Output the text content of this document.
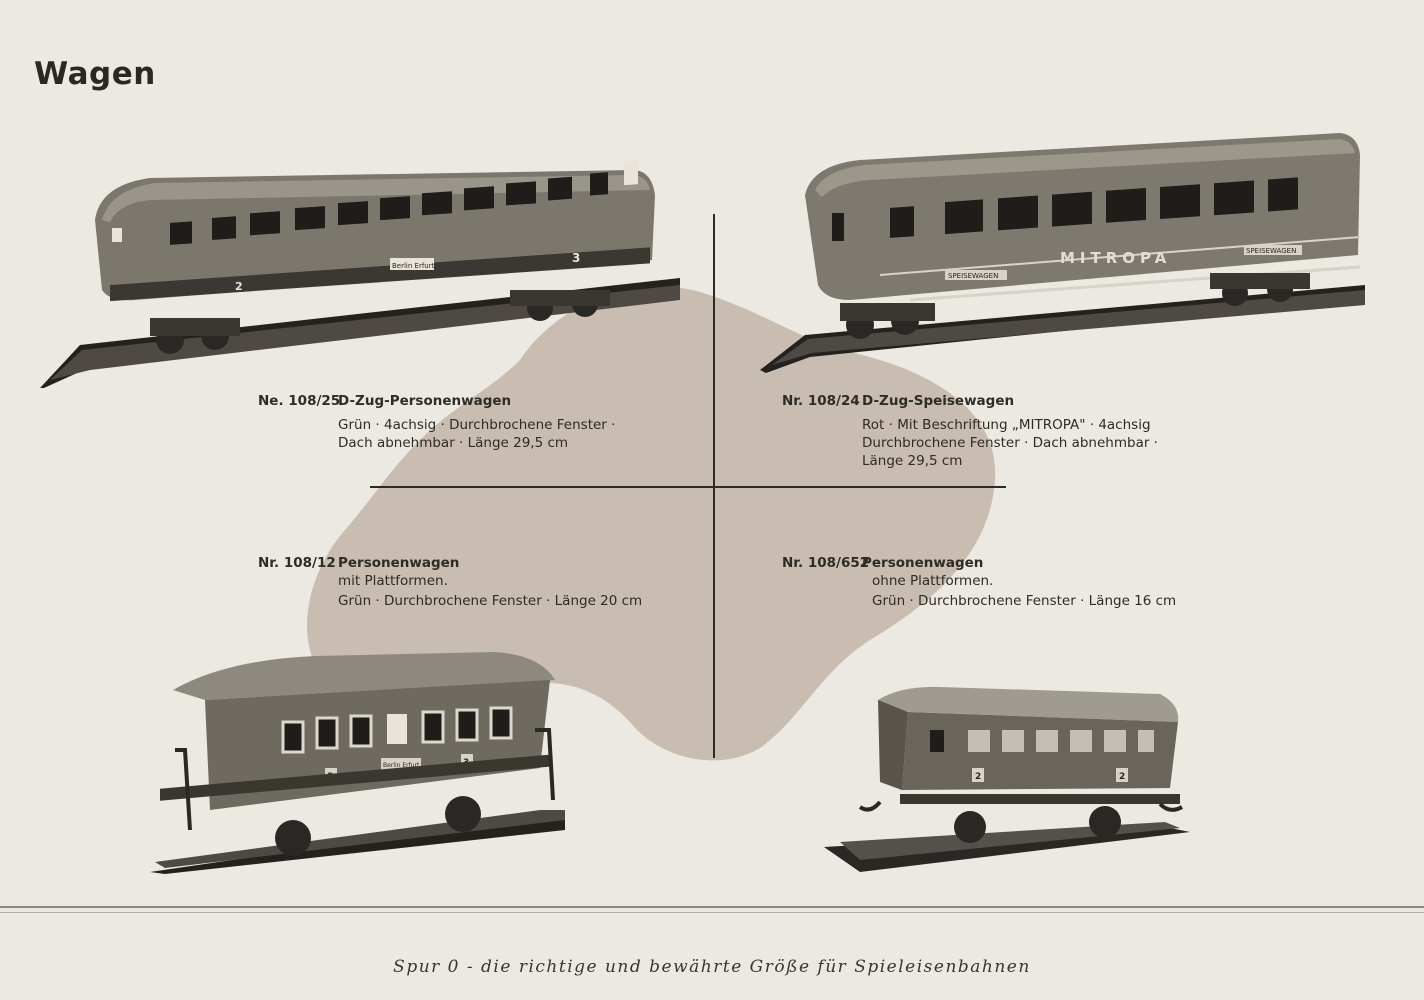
Wagen
2
3
Berlin Erfurt	MITROPA
SPEISEWAGEN
SPEISEWAGEN
Berlin Erfurt
2	2
Ne. 108/25D-Zug-Personenwagen
Grün · 4achsig · Durchbrochene Fenster ·
Dach abnehmbar · Länge 29,5 cm
Nr. 108/24 D-Zug-Speisewagen
Rot · Mit Beschriftung „MITROPA" · 4achsig
Durchbrochene Fenster · Dach abnehmbar ·
Länge 29,5 cm
Nr. 108/12 Personenwagen
mit Plattformen.
Grün · Durchbrochene Fenster · Länge 20 cm
Nr. 108/652Personenwagen
ohne Plattformen.
Grün · Durchbrochene Fenster · Länge 16 cm
Spur 0 - die richtige und bewährte Größe für Spieleisenbahnen
